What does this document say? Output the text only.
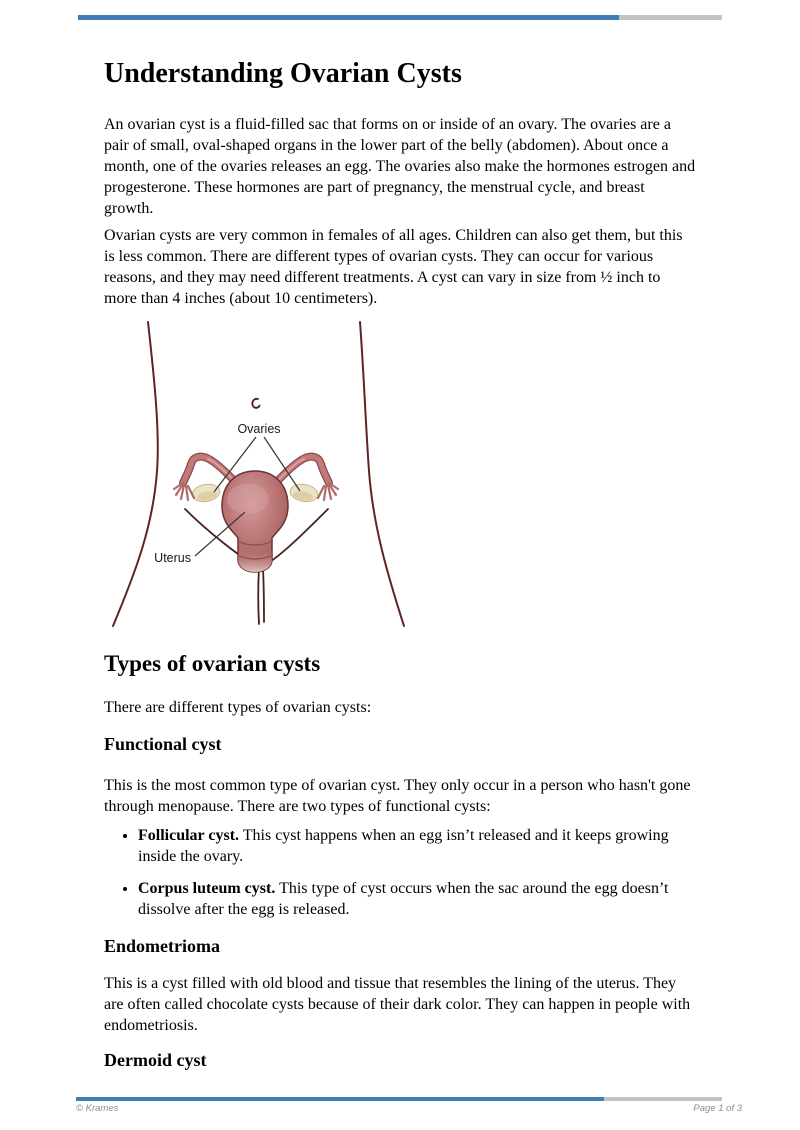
Understanding Ovarian Cysts

An ovarian cyst is a fluid-filled sac that forms on or inside of an ovary. The ovaries are a pair of small, oval-shaped organs in the lower part of the belly (abdomen). About once a month, one of the ovaries releases an egg. The ovaries also make the hormones estrogen and progesterone. These hormones are part of pregnancy, the menstrual cycle, and breast growth.

Ovarian cysts are very common in females of all ages. Children can also get them, but this is less common. There are different types of ovarian cysts. They can occur for various reasons, and they may need different treatments. A cyst can vary in size from ½ inch to more than 4 inches (about 10 centimeters).

Ovaries
Uterus
Types of ovarian cysts

There are different types of ovarian cysts:

Functional cyst

This is the most common type of ovarian cyst. They only occur in a person who hasn't gone through menopause. There are two types of functional cysts:

• Follicular cyst. This cyst happens when an egg isn’t released and it keeps growing inside the ovary.
• Corpus luteum cyst. This type of cyst occurs when the sac around the egg doesn’t dissolve after the egg is released.
Endometrioma

This is a cyst filled with old blood and tissue that resembles the lining of the uterus. They are often called chocolate cysts because of their dark color. They can happen in people with endometriosis.

Dermoid cyst
© Krames	Page 1 of 3
